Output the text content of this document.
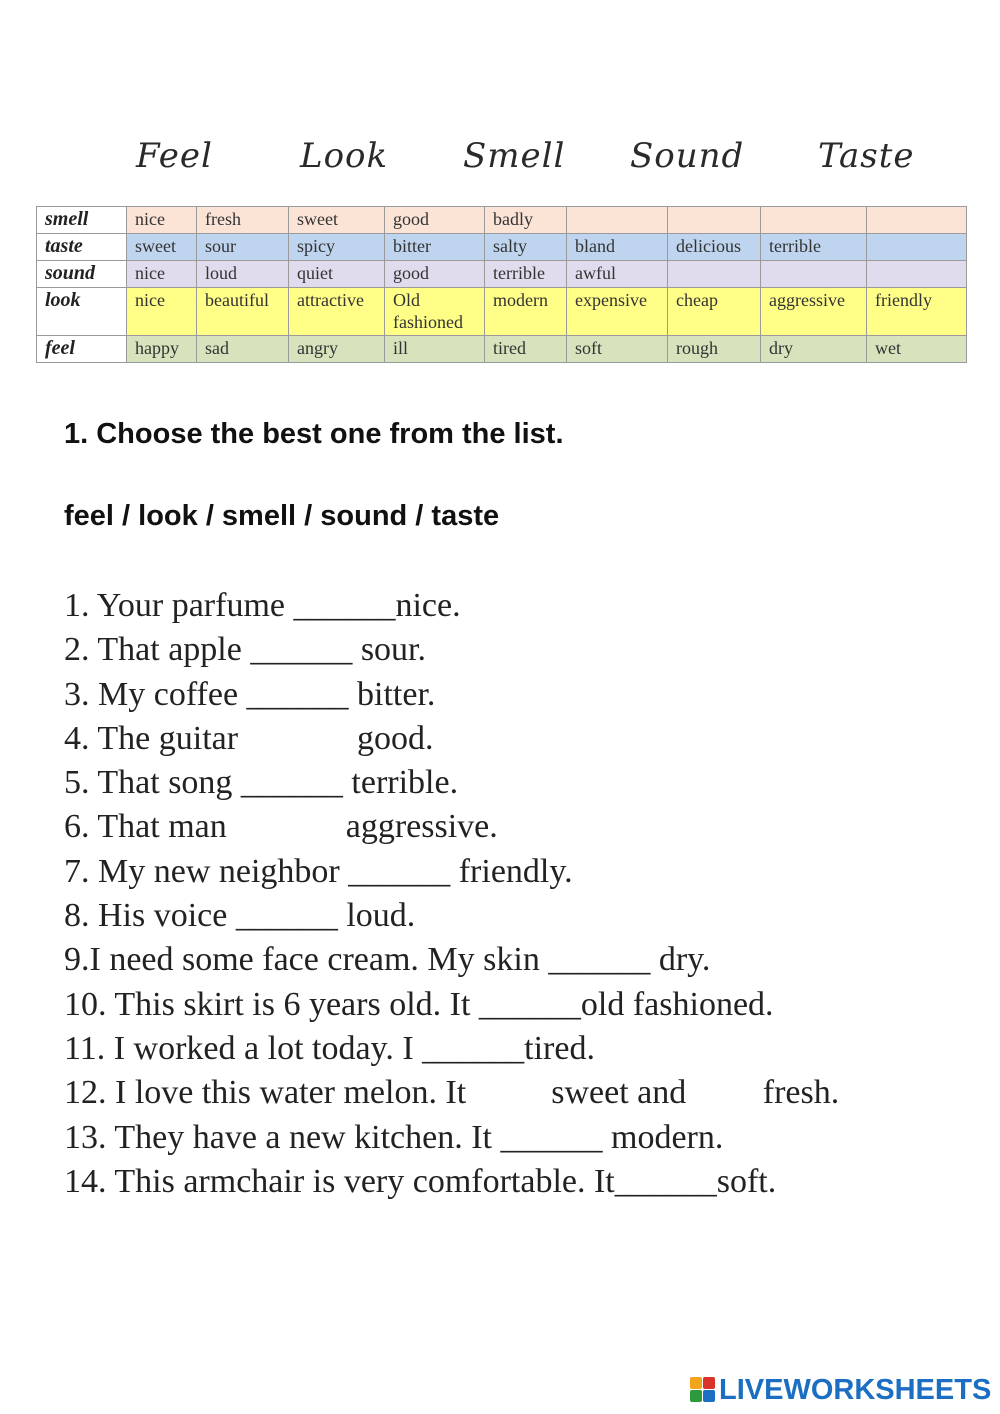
Feel	Look Smell Sound Taste
smell	nice	fresh	sweet	good	badly				
taste	sweet	sour	spicy	bitter	salty	bland	delicious	terrible	
sound	nice	loud	quiet	good	terrible	awful			
look	nice	beautiful	attractive	Old fashioned	modern	expensive	cheap	aggressive	friendly
feel	happy	sad	angry	ill	tired	soft	rough	dry	wet
1. Choose the best one from the list.
feel / look / smell / sound / taste
1. Your parfume ______nice.
2. That apple ______ sour.
3. My coffee ______ bitter.
4. The guitar              good.
5. That song ______ terrible.
6. That man              aggressive.
7. My new neighbor ______ friendly.
8. His voice ______ loud.
9.I need some face cream. My skin ______ dry.
10. This skirt is 6 years old. It ______old fashioned.
11. I worked a lot today. I ______tired.
12. I love this water melon. It          sweet and         fresh.
13. They have a new kitchen. It ______ modern.
14. This armchair is very comfortable. It______soft.
LIVEWORKSHEETS
